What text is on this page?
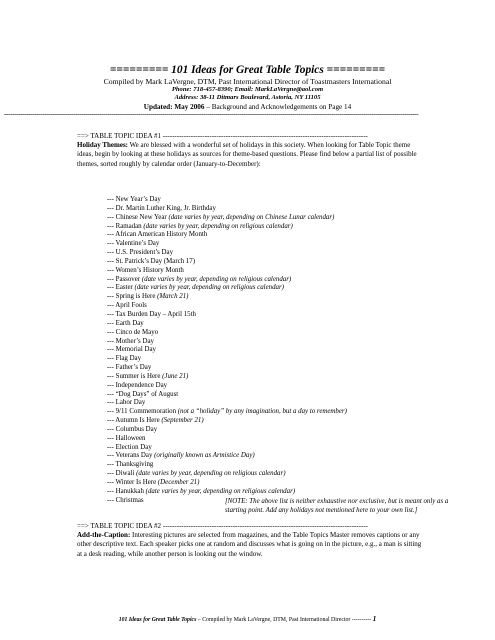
========= 101 Ideas for Great Table Topics =========
Compiled by Mark LaVergne, DTM, Past International Director of Toastmasters International
Phone: 718-457-8390; Email: MarkLaVergne@aol.com
Address: 38-11 Ditmars Boulevard, Astoria, NY 11105
Updated: May 2006 – Background and Acknowledgements on Page 14
------------------------------------------------------------------------------------------------------------------------------------------------------------------------------------------------------------
==> TABLE TOPIC IDEA #1 ----------------------------------------------------------------------------------------
Holiday Themes: We are blessed with a wonderful set of holidays in this society. When looking for Table Topic theme ideas, begin by looking at these holidays as sources for theme-based questions. Please find below a partial list of possible themes, sorted roughly by calendar order (January-to-December):
--- New Year’s Day
--- Dr. Martin Luther King, Jr. Birthday
--- Chinese New Year (date varies by year, depending on Chinese Lunar calendar)
--- Ramadan (date varies by year, depending on religious calendar)
--- African American History Month
--- Valentine’s Day
--- U.S. President’s Day
--- St. Patrick’s Day (March 17)
--- Women’s History Month
--- Passover (date varies by year, depending on religious calendar)
--- Easter (date varies by year, depending on religious calendar)
--- Spring is Here (March 21)
--- April Fools
--- Tax Burden Day – April 15th
--- Earth Day
--- Cinco de Mayo
--- Mother’s Day
--- Memorial Day
--- Flag Day
--- Father’s Day
--- Summer is Here (June 21)
--- Independence Day
--- “Dog Days” of August
--- Labor Day
--- 9/11 Commemoration (not a “holiday” by any imagination, but a day to remember)
--- Autumn Is Here (September 21)
--- Columbus Day
--- Halloween
--- Election Day
--- Veterans Day (originally known as Armistice Day)
--- Thanksgiving
--- Diwali (date varies by year, depending on religious calendar)
--- Winter Is Here (December 21)
--- Hanukkah (date varies by year, depending on religious calendar)
--- Christmas	[NOTE: The above list is neither exhaustive nor exclusive, but is meant only as a starting point. Add any holidays not mentioned here to your own list.]
==> TABLE TOPIC IDEA #2 ----------------------------------------------------------------------------------------
Add-the-Caption: Interesting pictures are selected from magazines, and the Table Topics Master removes captions or any other descriptive text. Each speaker picks one at random and discusses what is going on in the picture, e.g., a man is sitting at a desk reading, while another person is looking out the window.
101 Ideas for Great Table Topics – Compiled by Mark LaVergne, DTM, Past International Director ---------- 1
